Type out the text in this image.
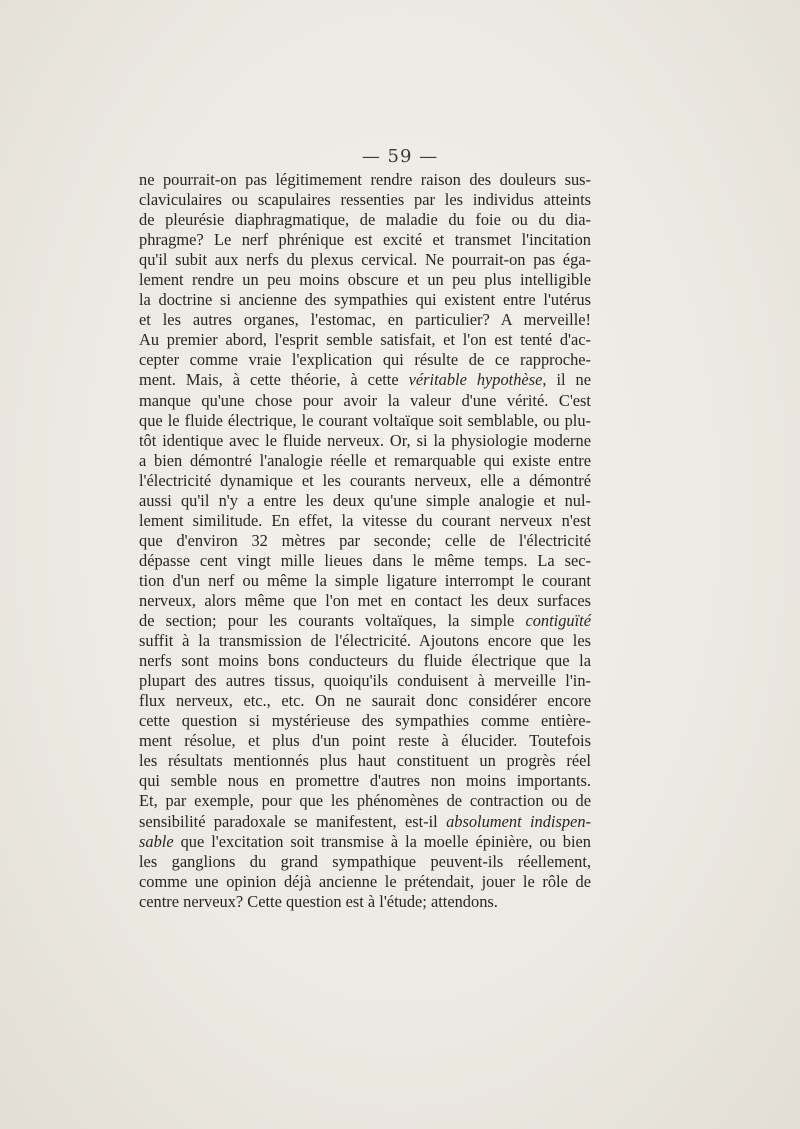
— 59 —
ne pourrait-on pas légitimement rendre raison des douleurs sus-
claviculaires ou scapulaires ressenties par les individus atteints
de pleurésie diaphragmatique, de maladie du foie ou du dia-
phragme? Le nerf phrénique est excité et transmet l'incitation
qu'il subit aux nerfs du plexus cervical. Ne pourrait-on pas éga-
lement rendre un peu moins obscure et un peu plus intelligible
la doctrine si ancienne des sympathies qui existent entre l'utérus
et les autres organes, l'estomac, en particulier? A merveille!
Au premier abord, l'esprit semble satisfait, et l'on est tenté d'ac-
cepter comme vraie l'explication qui résulte de ce rapproche-
ment. Mais, à cette théorie, à cette véritable hypothèse, il ne
manque qu'une chose pour avoir la valeur d'une vérité. C'est
que le fluide électrique, le courant voltaïque soit semblable, ou plu-
tôt identique avec le fluide nerveux. Or, si la physiologie moderne
a bien démontré l'analogie réelle et remarquable qui existe entre
l'électricité dynamique et les courants nerveux, elle a démontré
aussi qu'il n'y a entre les deux qu'une simple analogie et nul-
lement similitude. En effet, la vitesse du courant nerveux n'est
que d'environ 32 mètres par seconde; celle de l'électricité
dépasse cent vingt mille lieues dans le même temps. La sec-
tion d'un nerf ou même la simple ligature interrompt le courant
nerveux, alors même que l'on met en contact les deux surfaces
de section; pour les courants voltaïques, la simple contiguïté
suffit à la transmission de l'électricité. Ajoutons encore que les
nerfs sont moins bons conducteurs du fluide électrique que la
plupart des autres tissus, quoiqu'ils conduisent à merveille l'in-
flux nerveux, etc., etc. On ne saurait donc considérer encore
cette question si mystérieuse des sympathies comme entière-
ment résolue, et plus d'un point reste à élucider. Toutefois
les résultats mentionnés plus haut constituent un progrès réel
qui semble nous en promettre d'autres non moins importants.
Et, par exemple, pour que les phénomènes de contraction ou de
sensibilité paradoxale se manifestent, est-il absolument indispen-
sable que l'excitation soit transmise à la moelle épinière, ou bien
les ganglions du grand sympathique peuvent-ils réellement,
comme une opinion déjà ancienne le prétendait, jouer le rôle de
centre nerveux? Cette question est à l'étude; attendons.
